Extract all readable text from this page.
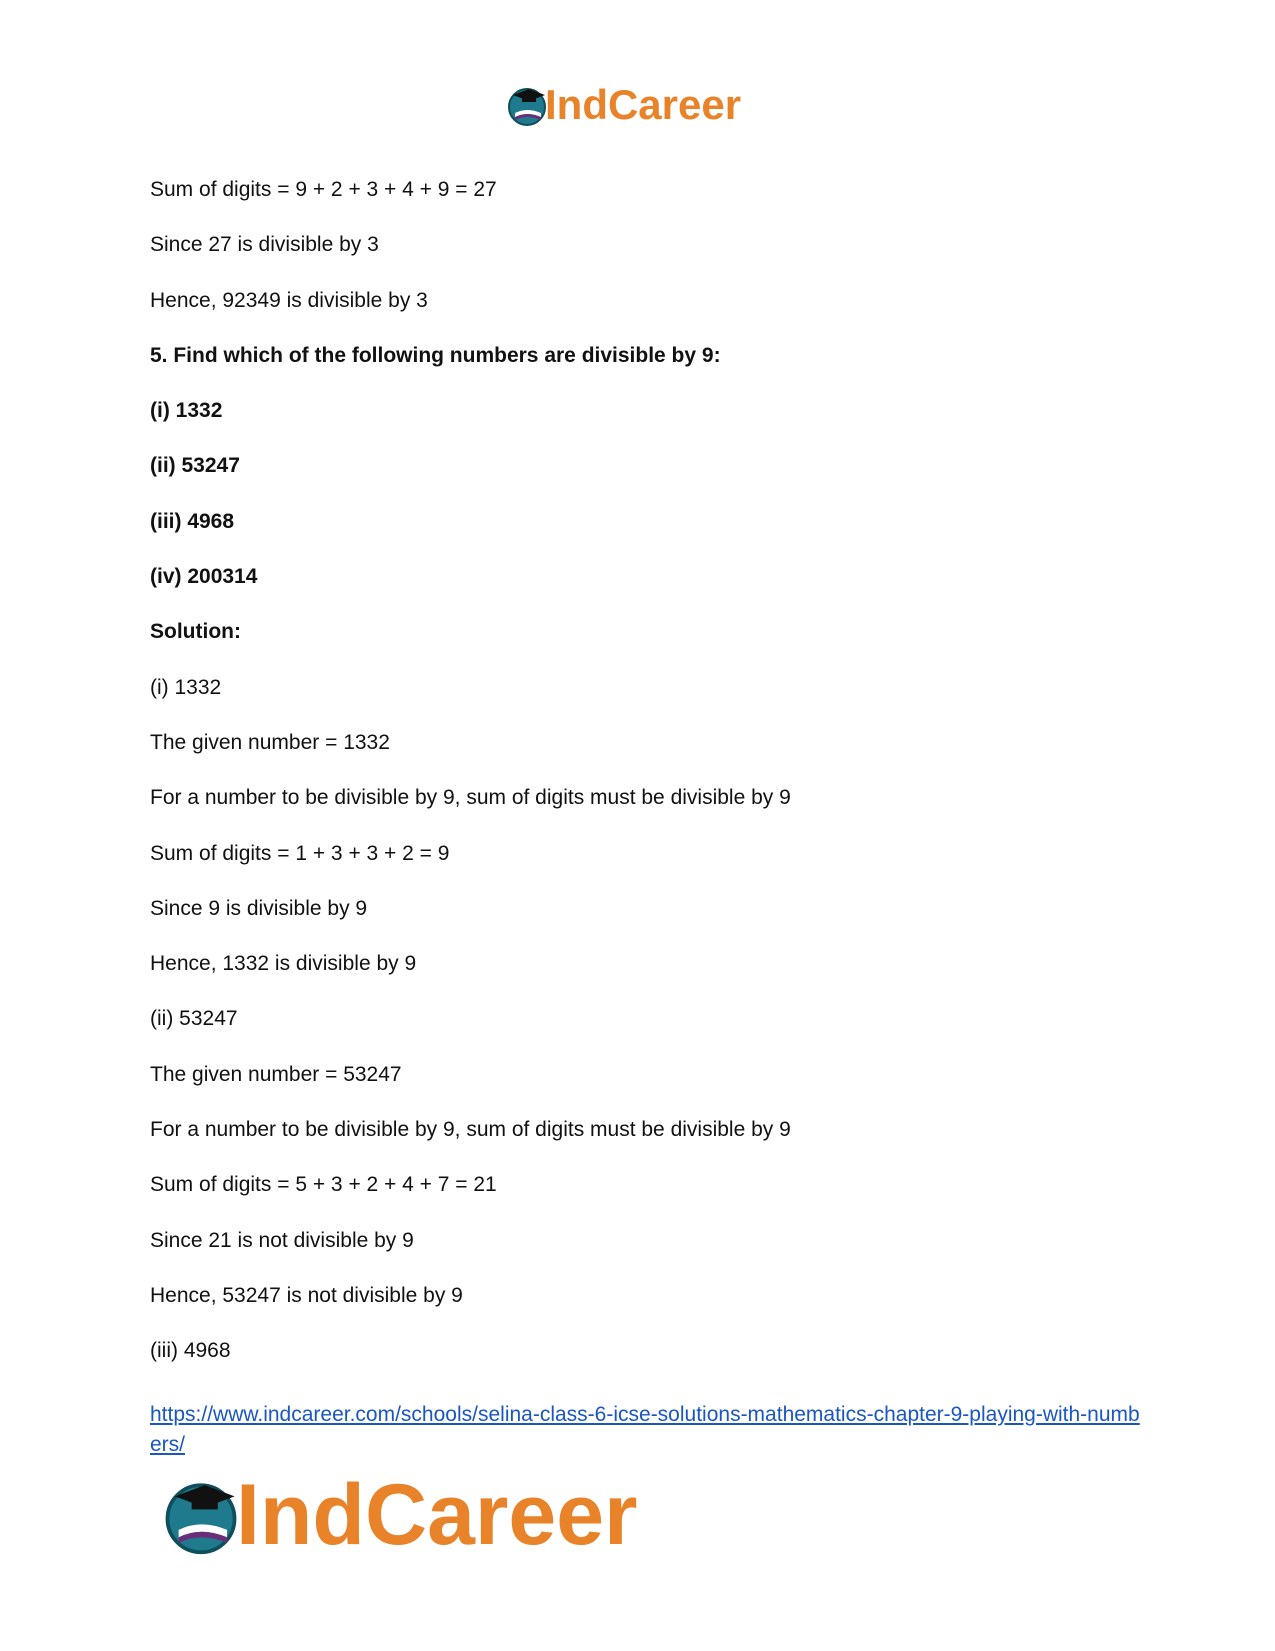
IndCareer

Sum of digits = 9 + 2 + 3 + 4 + 9 = 27

Since 27 is divisible by 3

Hence, 92349 is divisible by 3

5. Find which of the following numbers are divisible by 9:

(i) 1332

(ii) 53247

(iii) 4968

(iv) 200314

Solution:

(i) 1332

The given number = 1332

For a number to be divisible by 9, sum of digits must be divisible by 9

Sum of digits = 1 + 3 + 3 + 2 = 9

Since 9 is divisible by 9

Hence, 1332 is divisible by 9

(ii) 53247

The given number = 53247

For a number to be divisible by 9, sum of digits must be divisible by 9

Sum of digits = 5 + 3 + 2 + 4 + 7 = 21

Since 21 is not divisible by 9

Hence, 53247 is not divisible by 9

(iii) 4968

https://www.indcareer.com/schools/selina-class-6-icse-solutions-mathematics-chapter-9-playing-with-numbers/
IndCareer
